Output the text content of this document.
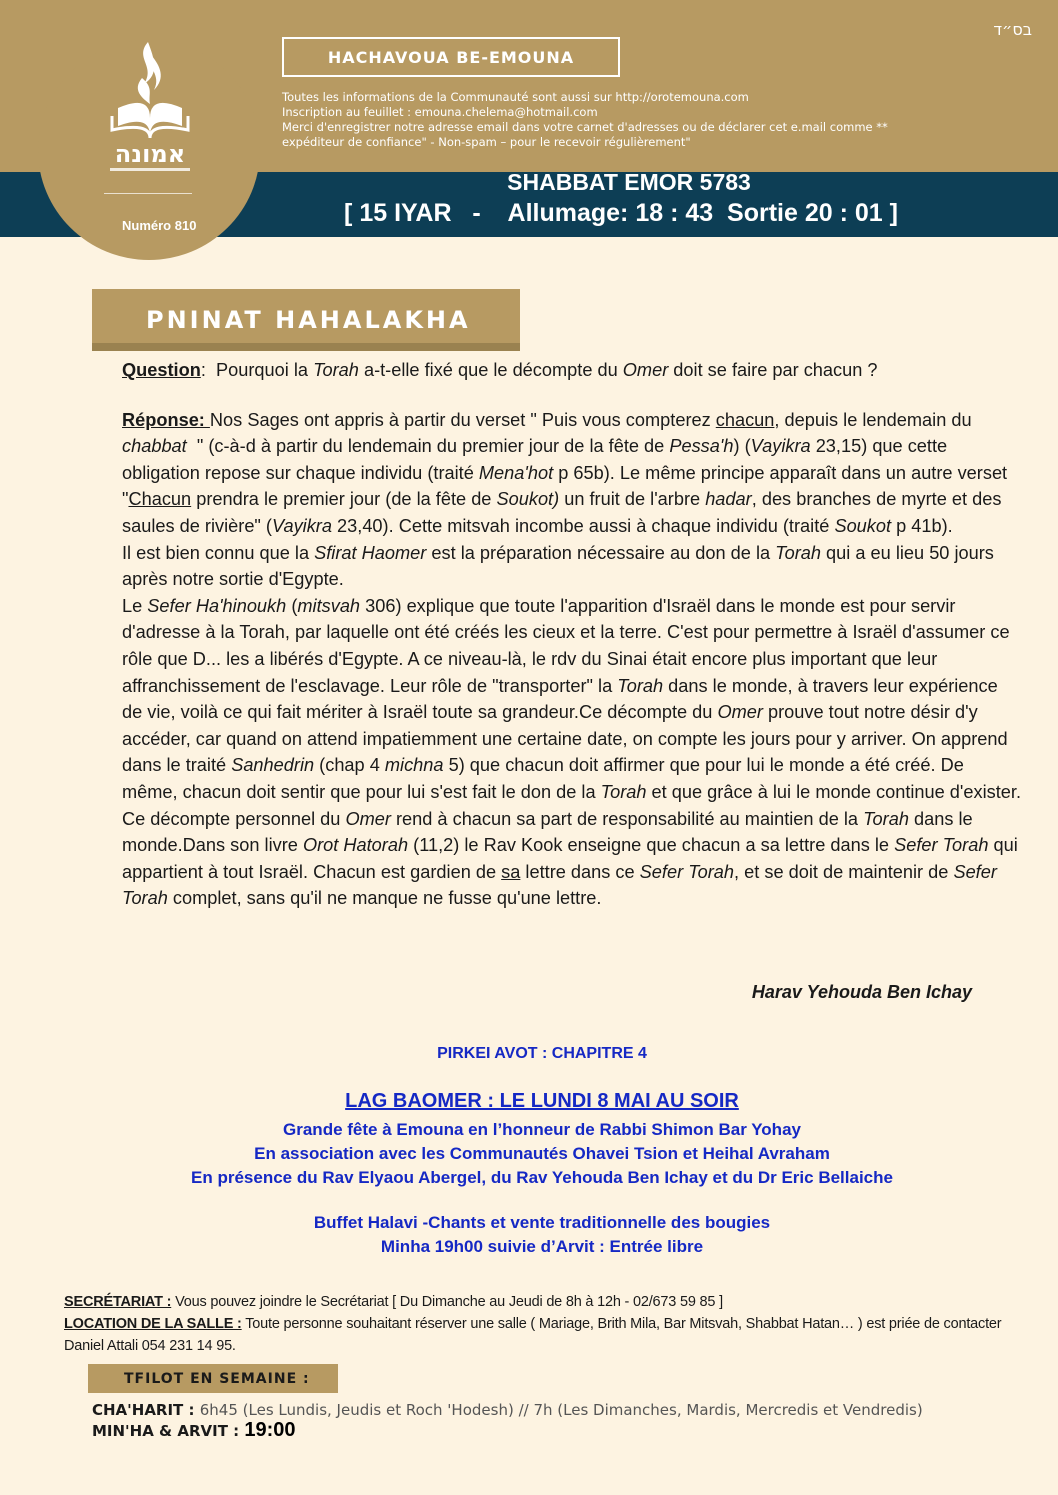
אמונה
Numéro 810
בס״ד
HACHAVOUA BE-EMOUNA
Toutes les informations de la Communauté sont aussi sur http://orotemouna.com
Inscription au feuillet : emouna.chelema@hotmail.com
Merci d'enregistrer notre adresse email dans votre carnet d'adresses ou de déclarer cet e.mail comme **
expéditeur de confiance" - Non-spam – pour le recevoir régulièrement"
SHABBAT EMOR 5783
[ 15 IYAR   -    Allumage: 18 : 43  Sortie 20 : 01 ]
PNINAT HAHALAKHA

Question:  Pourquoi la Torah a-t-elle fixé que le décompte du Omer doit se faire par chacun ?

Réponse: Nos Sages ont appris à partir du verset " Puis vous compterez chacun, depuis le lendemain du chabbat  " (c-à-d à partir du lendemain du premier jour de la fête de Pessa'h) (Vayikra 23,15) que cette obligation repose sur chaque individu (traité Mena'hot p 65b). Le même principe apparaît dans un autre verset "Chacun prendra le premier jour (de la fête de Soukot) un fruit de l'arbre hadar, des branches de myrte et des saules de rivière" (Vayikra 23,40). Cette mitsvah incombe aussi à chaque individu (traité Soukot p 41b).

Il est bien connu que la Sfirat Haomer est la préparation nécessaire au don de la Torah qui a eu lieu 50 jours après notre sortie d'Egypte.

Le Sefer Ha'hinoukh (mitsvah 306) explique que toute l'apparition d'Israël dans le monde est pour servir d'adresse à la Torah, par laquelle ont été créés les cieux et la terre. C'est pour permettre à Israël d'assumer ce rôle que D... les a libérés d'Egypte. A ce niveau-là, le rdv du Sinai était encore plus important que leur affranchissement de l'esclavage. Leur rôle de "transporter" la Torah dans le monde, à travers leur expérience de vie, voilà ce qui fait mériter à Israël toute sa grandeur.Ce décompte du Omer prouve tout notre désir d'y accéder, car quand on attend impatiemment une certaine date, on compte les jours pour y arriver. On apprend dans le traité Sanhedrin (chap 4 michna 5) que chacun doit affirmer que pour lui le monde a été créé. De même, chacun doit sentir que pour lui s'est fait le don de la Torah et que grâce à lui le monde continue d'exister. Ce décompte personnel du Omer rend à chacun sa part de responsabilité au maintien de la Torah dans le monde.Dans son livre Orot Hatorah (11,2) le Rav Kook enseigne que chacun a sa lettre dans le Sefer Torah qui appartient à tout Israël. Chacun est gardien de sa lettre dans ce Sefer Torah, et se doit de maintenir de Sefer Torah complet, sans qu'il ne manque ne fusse qu'une lettre.

Harav Yehouda Ben Ichay
PIRKEI AVOT : CHAPITRE 4
LAG BAOMER : LE LUNDI 8 MAI AU SOIR
Grande fête à Emouna en l’honneur de Rabbi Shimon Bar Yohay
En association avec les Communautés Ohavei Tsion et Heihal Avraham
En présence du Rav Elyaou Abergel, du Rav Yehouda Ben Ichay et du Dr Eric Bellaiche
Buffet Halavi -Chants et vente traditionnelle des bougies
Minha 19h00 suivie d’Arvit : Entrée libre
SECRÉTARIAT : Vous pouvez joindre le Secrétariat [ Du Dimanche au Jeudi de 8h à 12h - 02/673 59 85 ]
LOCATION DE LA SALLE : Toute personne souhaitant réserver une salle ( Mariage, Brith Mila, Bar Mitsvah, Shabbat Hatan… ) est priée de contacter Daniel Attali 054 231 14 95.
TFILOT EN SEMAINE :
CHA'HARIT : 6h45 (Les Lundis, Jeudis et Roch 'Hodesh) // 7h (Les Dimanches, Mardis, Mercredis et Vendredis)
MIN'HA & ARVIT : 19:00
